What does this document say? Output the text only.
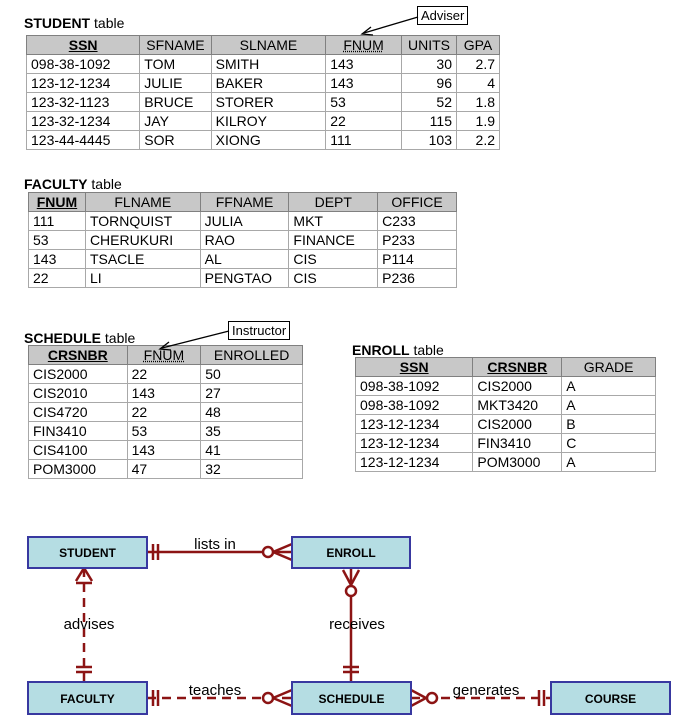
STUDENT table
SSN	SFNAME	SLNAME	FNUM	UNITS	GPA
098-38-1092	TOM	SMITH	143	30	2.7
123-12-1234	JULIE	BAKER	143	96	4
123-32-1123	BRUCE	STORER	53	52	1.8
123-32-1234	JAY	KILROY	22	115	1.9
123-44-4445	SOR	XIONG	111	103	2.2
Adviser
FACULTY table
FNUM	FLNAME	FFNAME	DEPT	OFFICE
111	TORNQUIST	JULIA	MKT	C233
53	CHERUKURI	RAO	FINANCE	P233
143	TSACLE	AL	CIS	P114
22	LI	PENGTAO	CIS	P236
SCHEDULE table
CRSNBR	FNUM	ENROLLED
CIS2000	22	50
CIS2010	143	27
CIS4720	22	48
FIN3410	53	35
CIS4100	143	41
POM3000	47	32
Instructor
ENROLL table
SSN	CRSNBR	GRADE
098-38-1092	CIS2000	A
098-38-1092	MKT3420	A
123-12-1234	CIS2000	B
123-12-1234	FIN3410	C
123-12-1234	POM3000	A
lists in
advises	receives
teaches	generates
STUDENT	ENROLL
FACULTY	SCHEDULE	COURSE
